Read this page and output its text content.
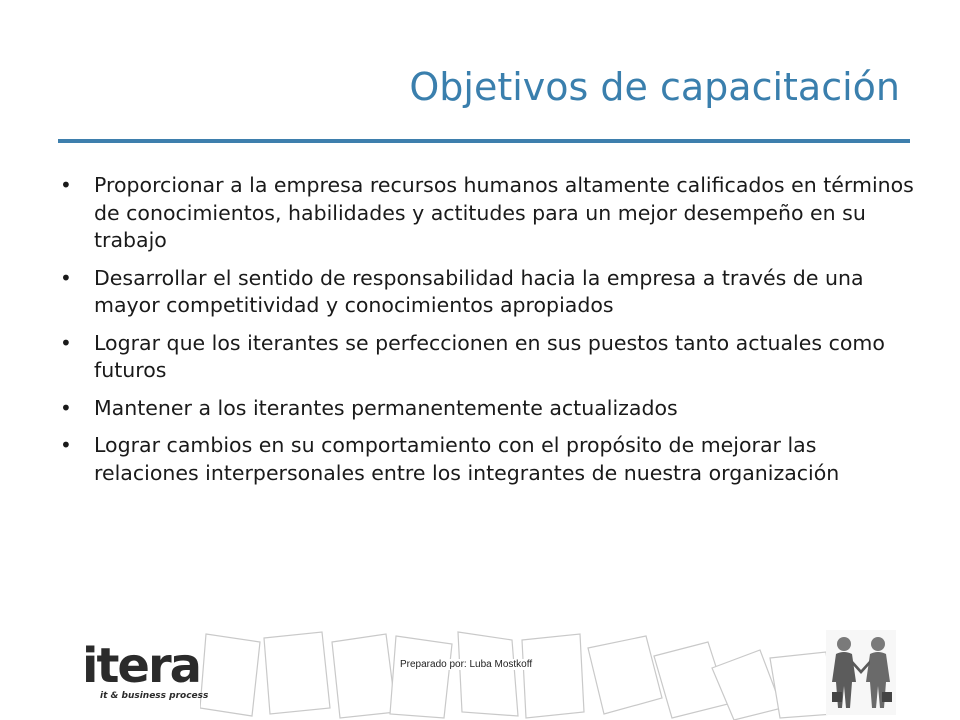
Objetivos de capacitación
• Proporcionar a la empresa recursos humanos altamente calificados en términos de conocimientos, habilidades y actitudes para un mejor desempeño en su trabajo
• Desarrollar el sentido de responsabilidad hacia la empresa a través de una mayor competitividad y conocimientos apropiados
• Lograr que los iterantes se perfeccionen en sus puestos tanto actuales como futuros
• Mantener a los iterantes permanentemente actualizados
• Lograr cambios en su comportamiento con el propósito de mejorar las relaciones interpersonales entre los integrantes de nuestra organización
Preparado por: Luba Mostkoff
itera
it & business process
